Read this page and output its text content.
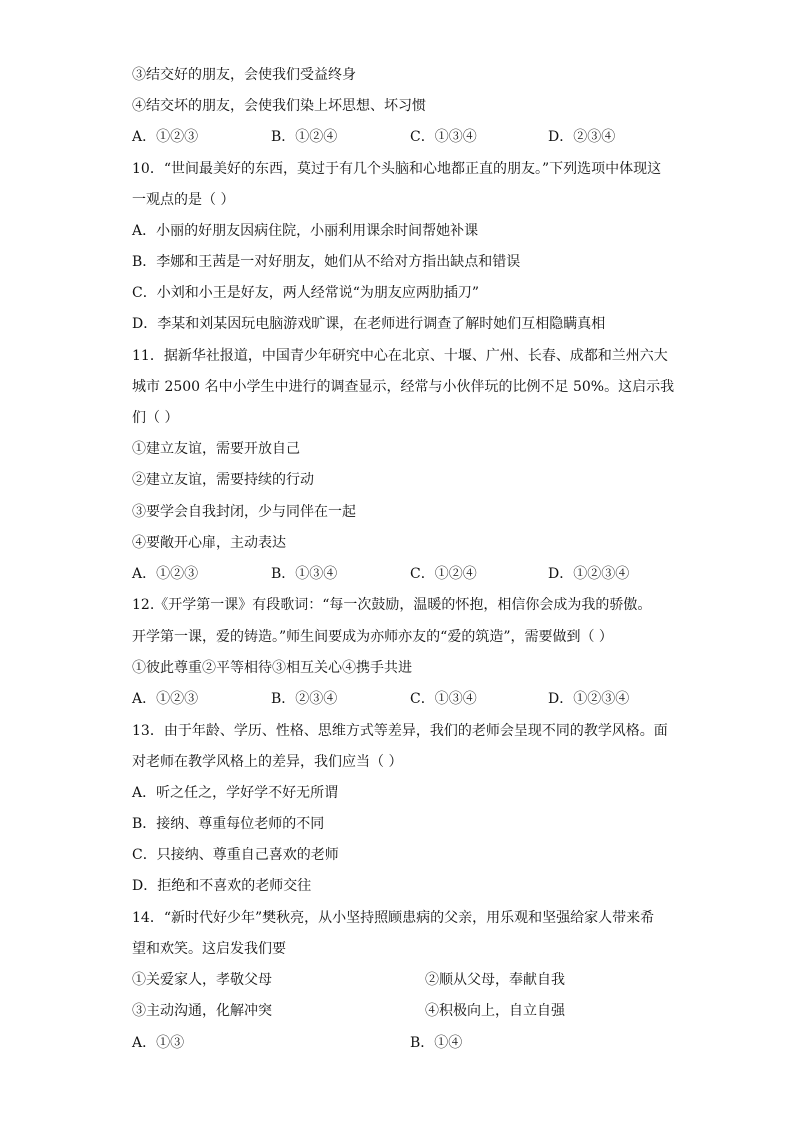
③结交好的朋友，会使我们受益终身
④结交坏的朋友，会使我们染上坏思想、坏习惯
A．①②③	B．①②④	C．①③④	D．②③④
10．“世间最美好的东西，莫过于有几个头脑和心地都正直的朋友。”下列选项中体现这
一观点的是（ ）
A．小丽的好朋友因病住院，小丽利用课余时间帮她补课
B．李娜和王茜是一对好朋友，她们从不给对方指出缺点和错误
C．小刘和小王是好友，两人经常说“为朋友应两肋插刀”
D．李某和刘某因玩电脑游戏旷课，在老师进行调查了解时她们互相隐瞒真相
11．据新华社报道，中国青少年研究中心在北京、十堰、广州、长春、成都和兰州六大
城市 2500 名中小学生中进行的调查显示，经常与小伙伴玩的比例不足 50%。这启示我
们（ ）
①建立友谊，需要开放自己
②建立友谊，需要持续的行动
③要学会自我封闭，少与同伴在一起
④要敞开心扉，主动表达
A．①②③	B．①③④	C．①②④	D．①②③④
12.《开学第一课》有段歌词：“每一次鼓励，温暖的怀抱，相信你会成为我的骄傲。
开学第一课，爱的铸造。”师生间要成为亦师亦友的“爱的筑造”，需要做到（ ）
①彼此尊重②平等相待③相互关心④携手共进
A．①②③	B．②③④	C．①③④	D．①②③④
13．由于年龄、学历、性格、思维方式等差异，我们的老师会呈现不同的教学风格。面
对老师在教学风格上的差异，我们应当（ ）
A．听之任之，学好学不好无所谓
B．接纳、尊重每位老师的不同
C．只接纳、尊重自己喜欢的老师
D．拒绝和不喜欢的老师交往
14．“新时代好少年”樊秋亮，从小坚持照顾患病的父亲，用乐观和坚强给家人带来希
望和欢笑。这启发我们要
①关爱家人，孝敬父母	②顺从父母，奉献自我
③主动沟通，化解冲突	④积极向上，自立自强
A．①③	B．①④
